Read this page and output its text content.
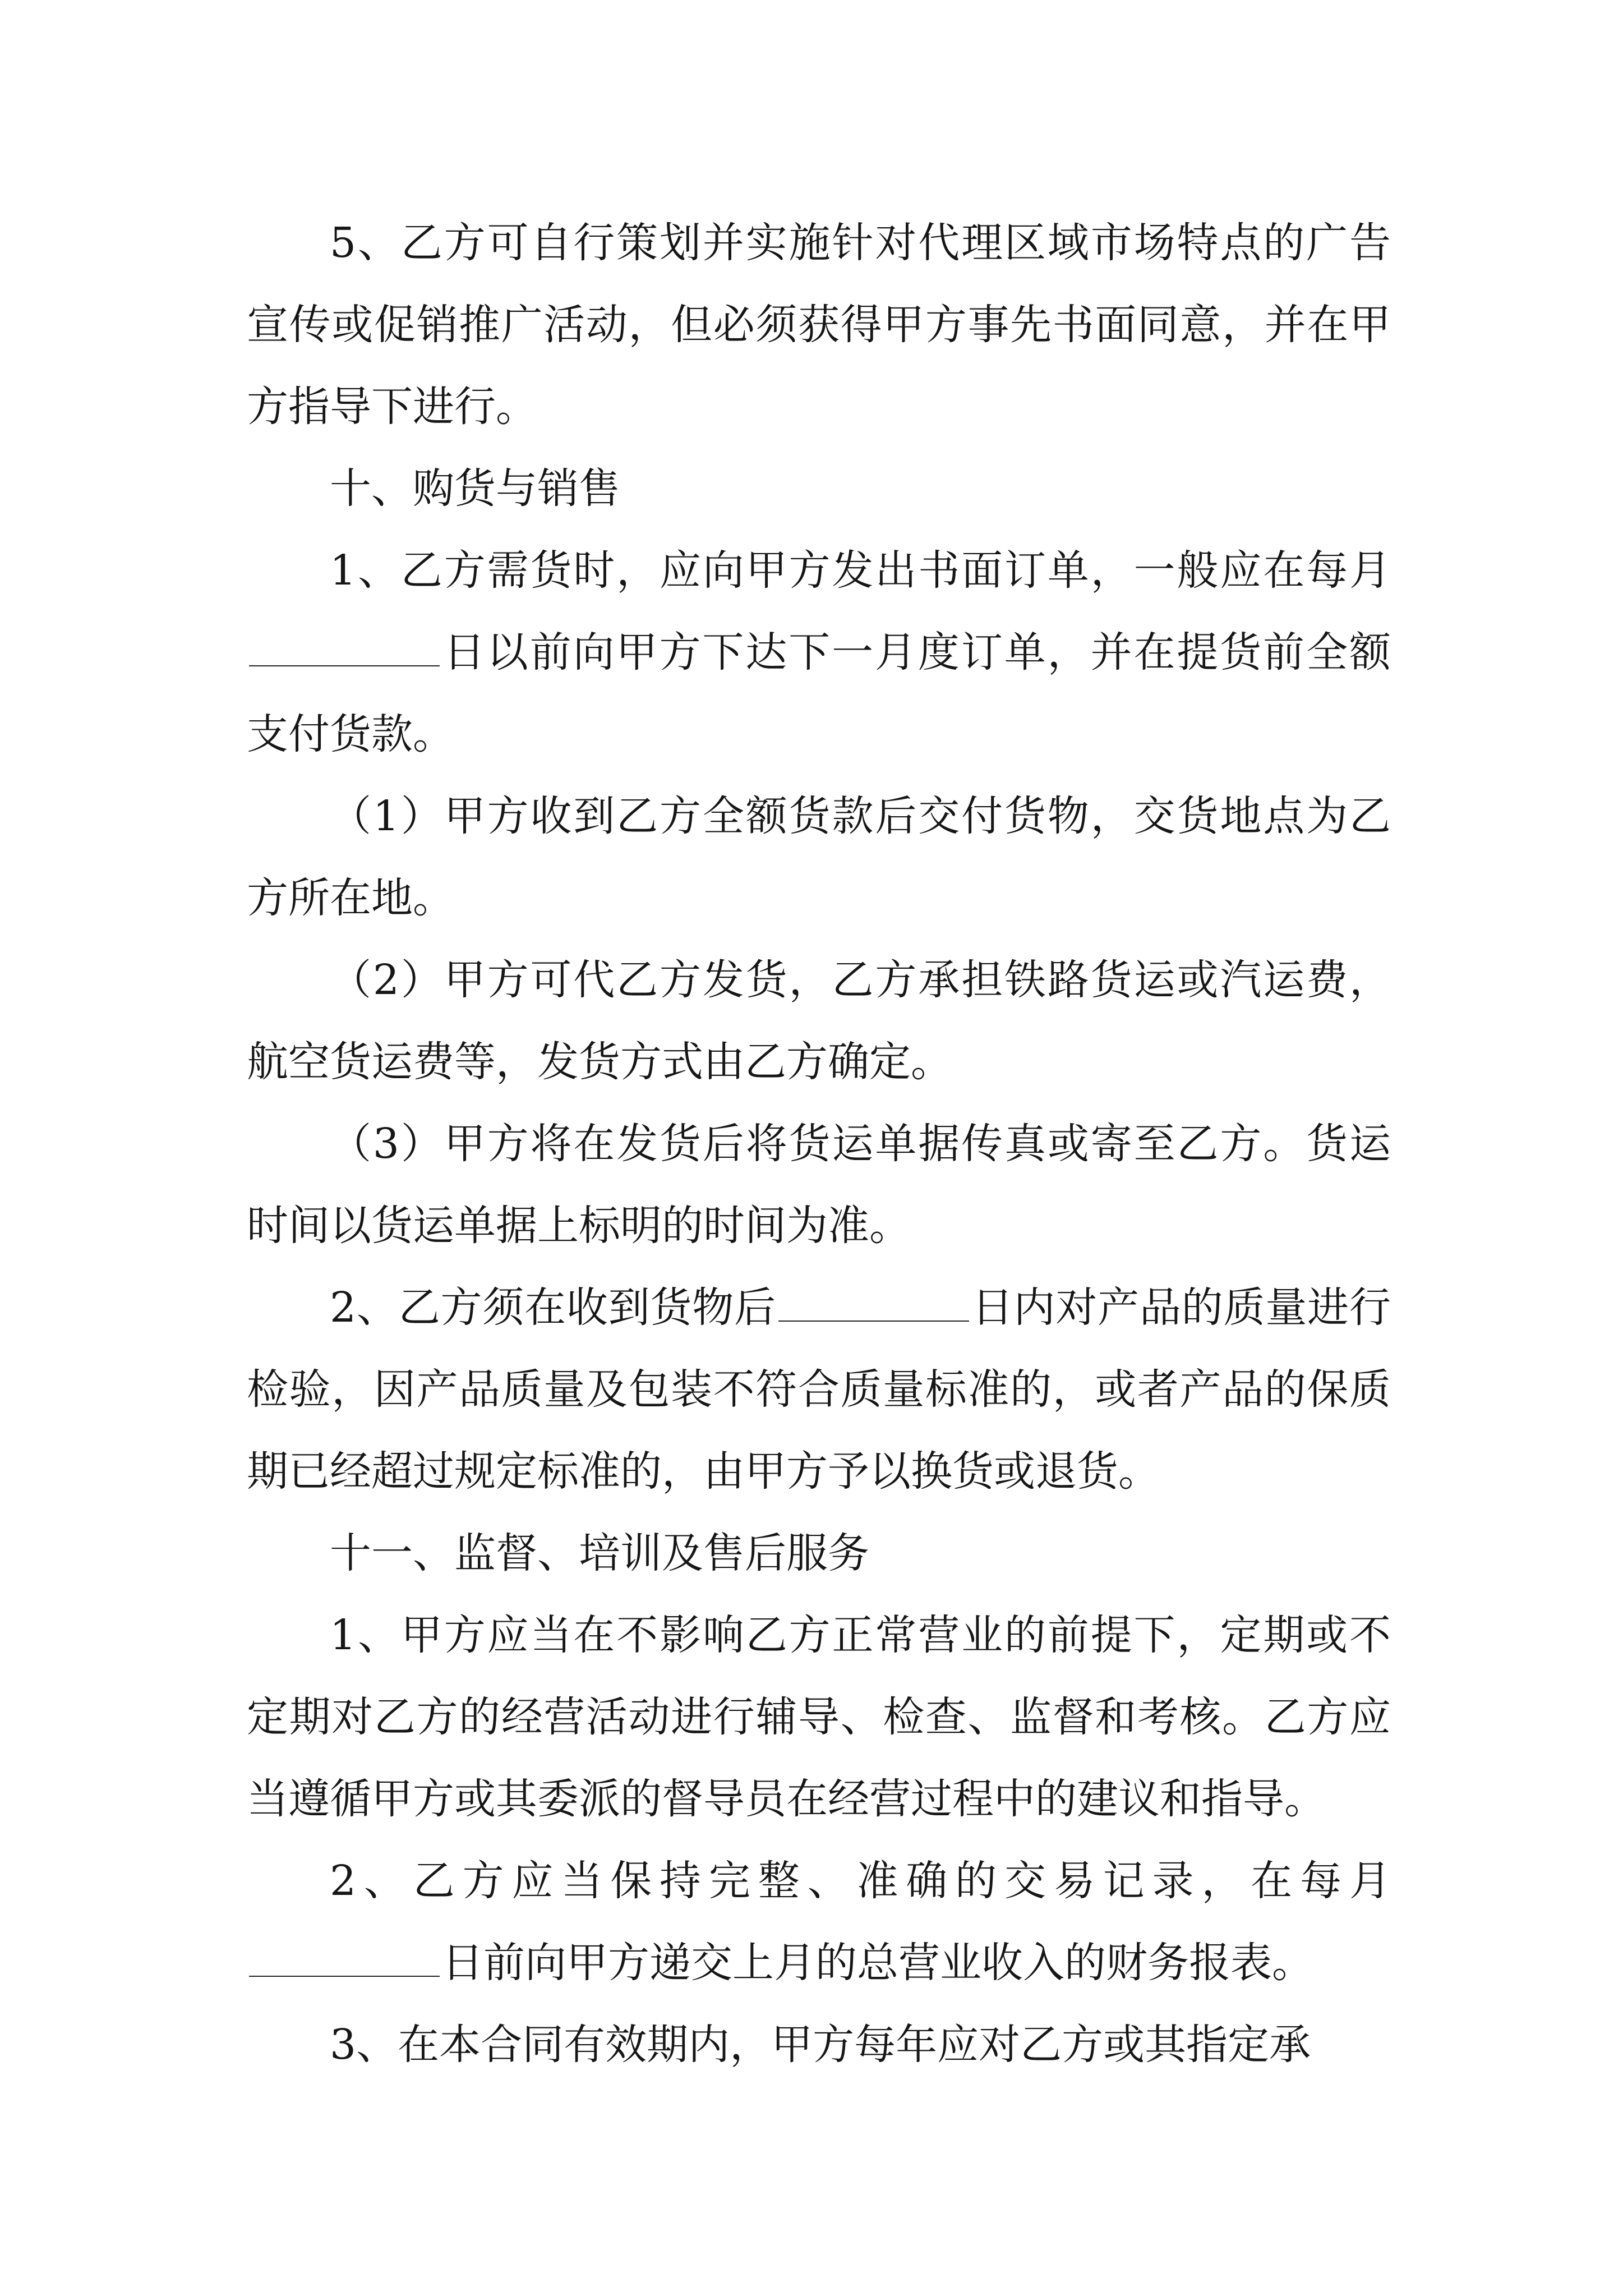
5、乙方可自行策划并实施针对代理区域市场特点的广告宣传或促销推广活动，但必须获得甲方事先书面同意，并在甲方指导下进行。

十、购货与销售

1、乙方需货时，应向甲方发出书面订单，一般应在每月日以前向甲方下达下一月度订单，并在提货前全额支付货款。

（1）甲方收到乙方全额货款后交付货物，交货地点为乙方所在地。

（2）甲方可代乙方发货，乙方承担铁路货运或汽运费，航空货运费等，发货方式由乙方确定。

（3）甲方将在发货后将货运单据传真或寄至乙方。货运时间以货运单据上标明的时间为准。

2、乙方须在收到货物后	日内对产品的质量进行检验，因产品质量及包装不符合质量标准的，或者产品的保质期已经超过规定标准的，由甲方予以换货或退货。

十一、监督、培训及售后服务

1、甲方应当在不影响乙方正常营业的前提下，定期或不定期对乙方的经营活动进行辅导、检查、监督和考核。乙方应当遵循甲方或其委派的督导员在经营过程中的建议和指导。

2、乙方应当保持完整、准确的交易记录，在每月日前向甲方递交上月的总营业收入的财务报表。

3、在本合同有效期内，甲方每年应对乙方或其指定承
